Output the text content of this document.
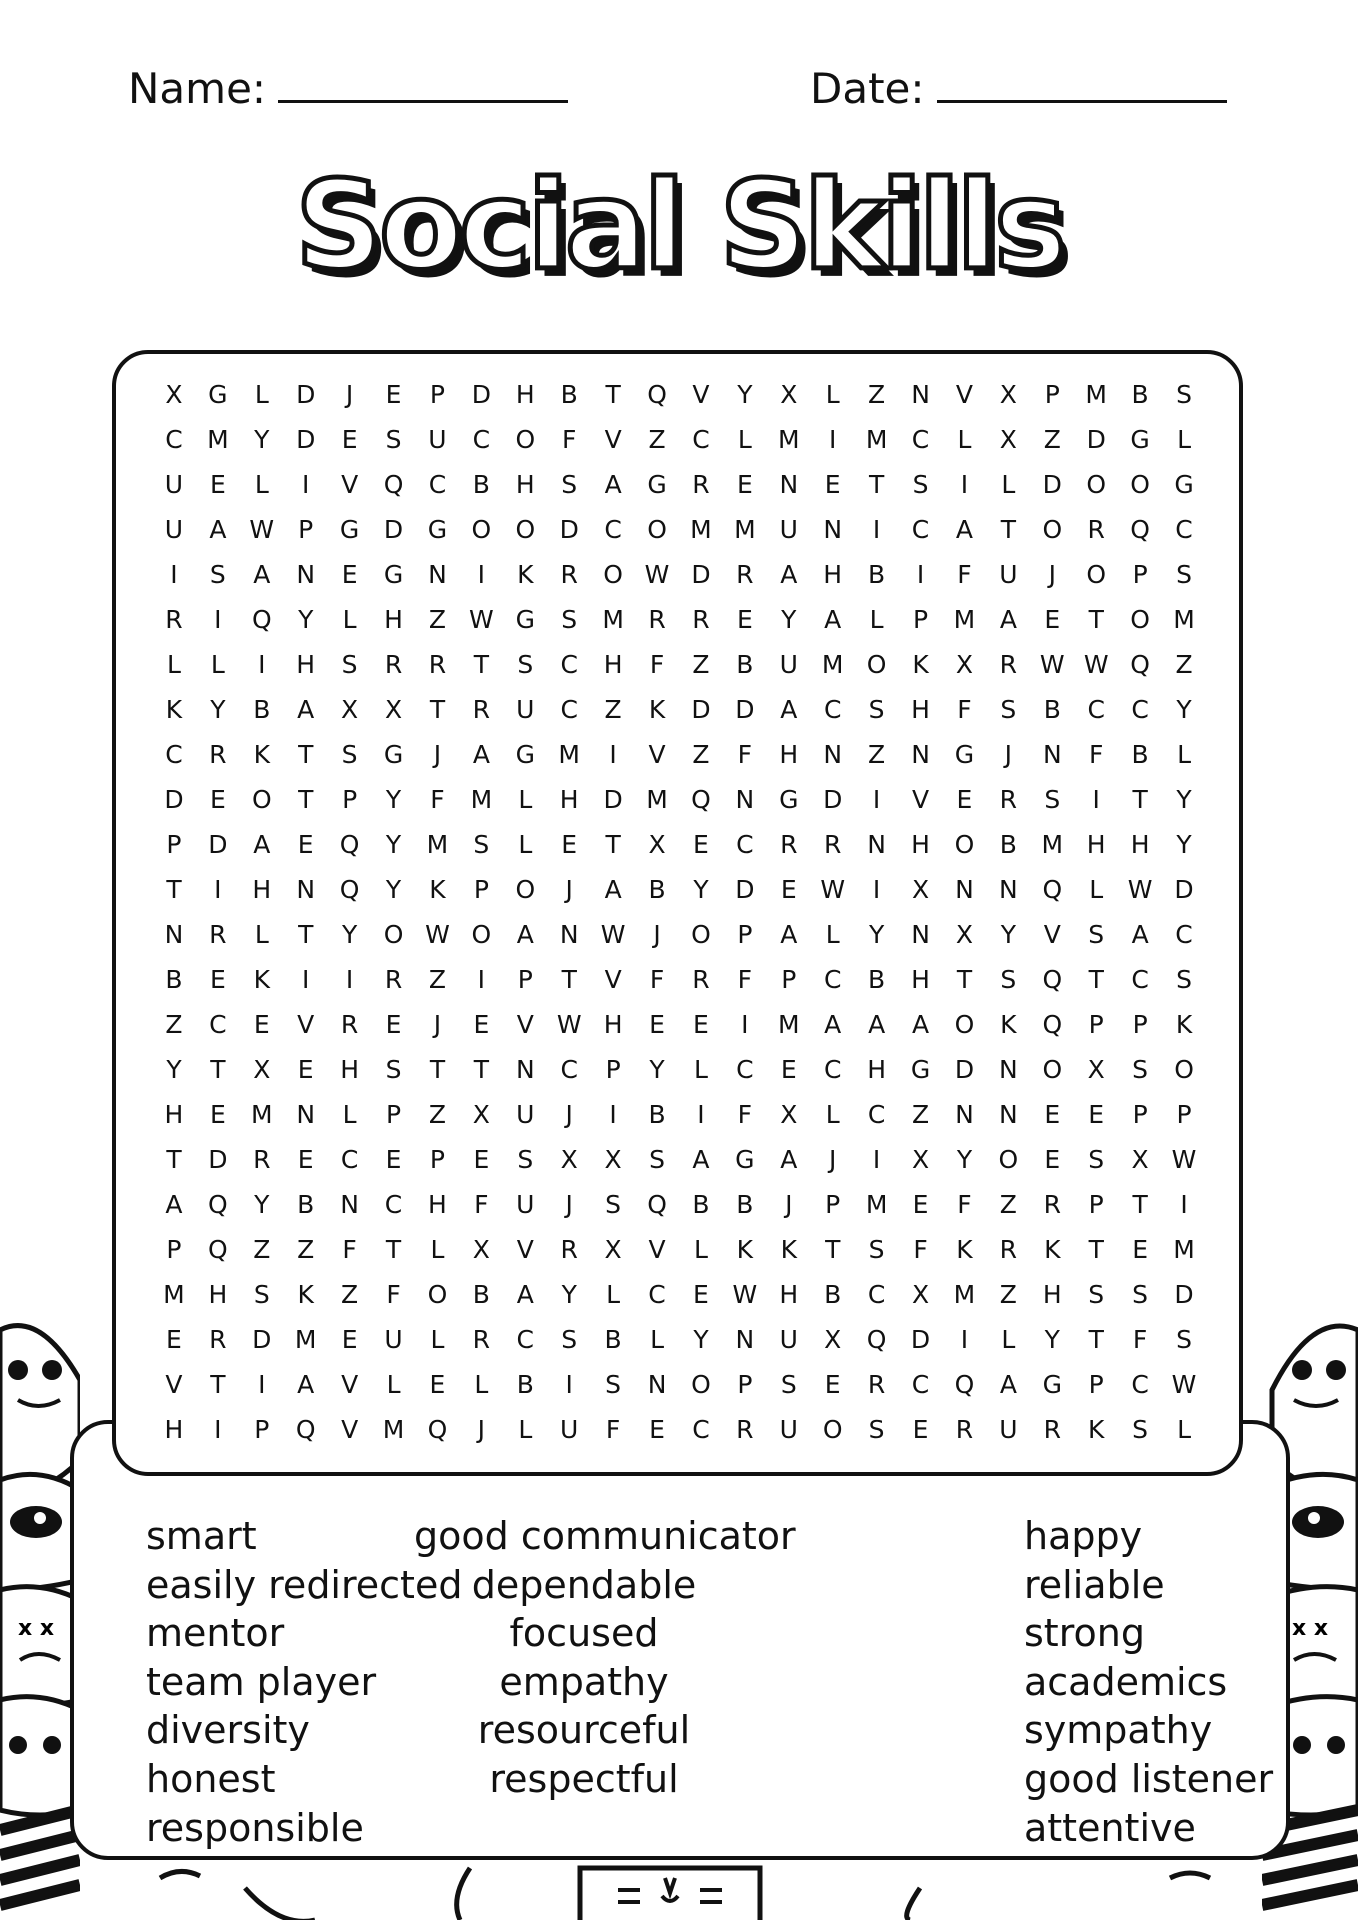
x x	x x
Name:	Date:
Social Skills
smart
easily redirected
mentor
team player
diversity
honest
responsible
good communicator
dependable
focused
empathy
resourceful
respectful
happy
reliable
strong
academics
sympathy
good listener
attentive
X	G	L	D	J	E	P	D H	B	T	Q	V	Y	X	L	Z	N	V	X	P	M B	S
C M	Y	D	E	S	U	C	O	F	V	Z	C	L	M	I	M C	L	X	Z	D G	L
U	E	L	I	V	Q	C	B	H	S	A	G	R	E	N	E	T	S	I	L	D O O G
U	A W P	G D G O O D	C	O M M U	N	I	C	A	T	O	R	Q	C
I	S	A	N	E	G N	I	K	R	O W D	R	A	H	B	I	F	U	J	O	P	S
R	I	Q	Y	L	H	Z W G	S	M R	R	E	Y	A	L	P	M A	E	T	O M
L	L	I	H	S	R	R	T	S	C	H	F	Z	B	U M O	K	X	R W W Q	Z
K	Y	B	A	X	X	T	R	U	C	Z	K	D D	A	C	S	H	F	S	B	C	C	Y
C	R	K	T	S	G	J	A	G M	I	V	Z	F	H	N	Z	N G	J	N	F	B	L
D	E	O	T	P	Y	F	M	L	H D M Q N G D	I	V	E	R	S	I	T	Y
P	D	A	E	Q	Y	M	S	L	E	T	X	E	C	R	R	N	H O	B M H	H	Y
T	I	H	N Q	Y	K	P	O	J	A	B	Y	D	E W	I	X	N	N Q	L W D
N	R	L	T	Y	O W O	A	N W	J	O	P	A	L	Y	N	X	Y	V	S	A	C
B	E	K	I	I	R	Z	I	P	T	V	F	R	F	P	C	B	H	T	S	Q	T	C	S
Z	C	E	V	R	E	J	E	V W H	E	E	I	M A	A	A	O	K	Q	P	P	K
Y	T	X	E	H	S	T	T	N	C	P	Y	L	C	E	C	H G D N O	X	S	O
H	E	M N	L	P	Z	X	U	J	I	B	I	F	X	L	C	Z	N	N	E	E	P	P
T	D	R	E	C	E	P	E	S	X	X	S	A	G	A	J	I	X	Y	O	E	S	X W
A	Q	Y	B	N	C	H	F	U	J	S	Q	B	B	J	P	M	E	F	Z	R	P	T	I
P	Q	Z	Z	F	T	L	X	V	R	X	V	L	K	K	T	S	F	K	R	K	T	E	M
M H	S	K	Z	F	O	B	A	Y	L	C	E W H	B	C	X M Z	H	S	S	D
E	R	D M	E	U	L	R	C	S	B	L	Y	N	U	X	Q D	I	L	Y	T	F	S
V	T	I	A	V	L	E	L	B	I	S	N O	P	S	E	R	C	Q	A	G	P	C W
H	I	P	Q	V M Q	J	L	U	F	E	C	R	U O	S	E	R	U	R	K	S	L
